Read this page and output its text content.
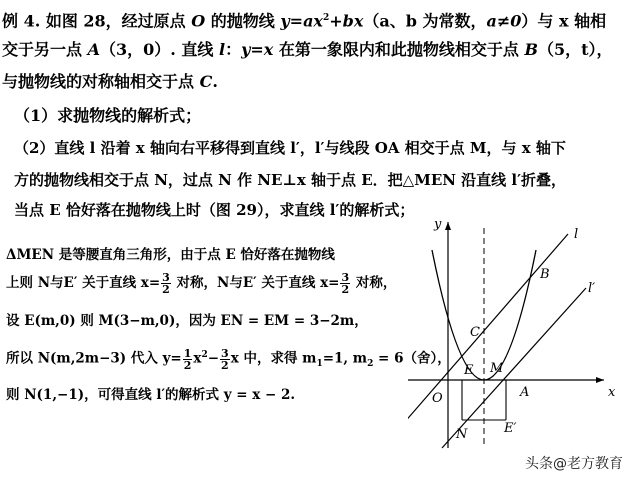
例 4. 如图 28，经过原点 O 的抛物线 $y=ax^2+bx(a$、b 为常数，a≠0）与 x 轴相
交于另一点 A（3，0）. 直线 l：y=x 在第一象限内和此抛物线相交于点 B（5，t），
与抛物线的对称轴相交于点 C.
（1）求抛物线的解析式；
（2）直线 l 沿着 x 轴向右平移得到直线 l′，l′与线段 OA 相交于点 M，与 x 轴下
方的抛物线相交于点 N，过点 N 作 NE⊥x 轴于点 E．把△MEN 沿直线 l′折叠，
当点 E 恰好落在抛物线上时（图 29），求直线 l′的解析式；
ΔMEN 是等腰直角三角形，由于点 E 恰好落在抛物线
上则 N与E′ 关于直线 $x= \frac{3}{2}$ 对称，N与E′ 关于直线 $x= \frac{3}{2}$ 对称，
设 E(m,0) 则 M(3−m,0)，因为 EN = EM = 3−2m，
所以 N(m,2m−3) 代入 $y= \frac{1}{2} x^2- \frac{3}{2}$ x 中，求得 $m_1=1$, $m_2 = 6$（舍），
则 N(1,−1)，可得直线 l′的解析式 y = x − 2.
y
x
l
l′
B
C
E M
A
O
N	E′
头条@老方教育
